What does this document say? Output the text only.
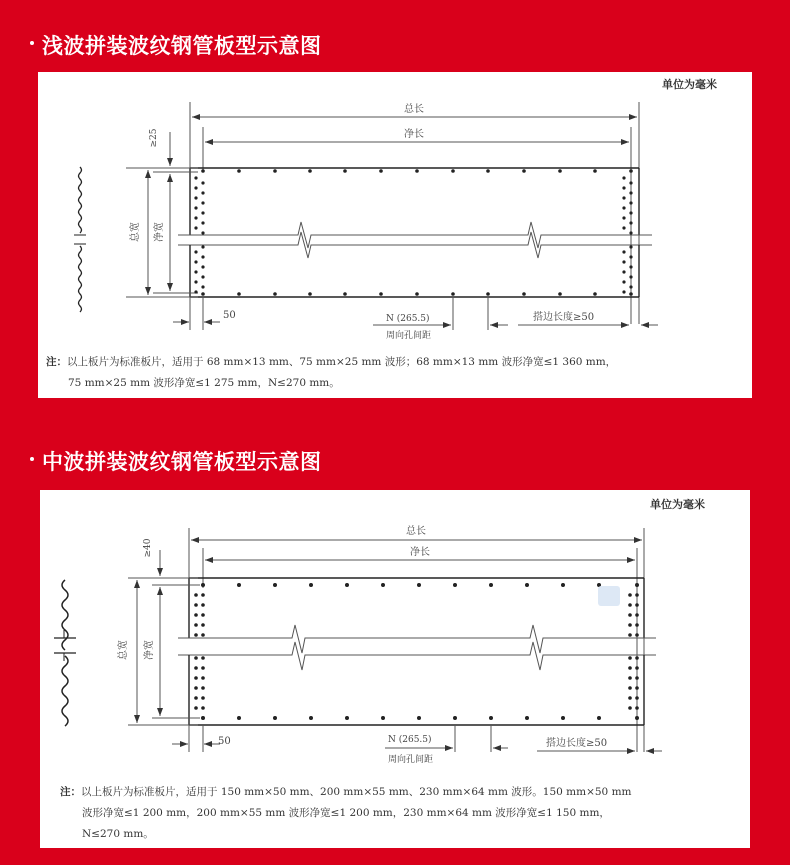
浅波拼装波纹钢管板型示意图
总长
净长
总宽 净宽
≥25
50	N (265.5)
周向孔间距
搭边长度≥50
单位为毫米
注：以上板片为标准板片，适用于 68 mm×13 mm、75 mm×25 mm 波形；68 mm×13 mm 波形净宽≤1 360 mm，
75 mm×25 mm 波形净宽≤1 275 mm，N≤270 mm。
中波拼装波纹钢管板型示意图
总长
净长
总宽 净宽
≥40
50	N (265.5)
周向孔间距
搭边长度≥50
单位为毫米
注：以上板片为标准板片，适用于 150 mm×50 mm、200 mm×55 mm、230 mm×64 mm 波形。150 mm×50 mm
波形净宽≤1 200 mm，200 mm×55 mm 波形净宽≤1 200 mm，230 mm×64 mm 波形净宽≤1 150 mm，
N≤270 mm。
